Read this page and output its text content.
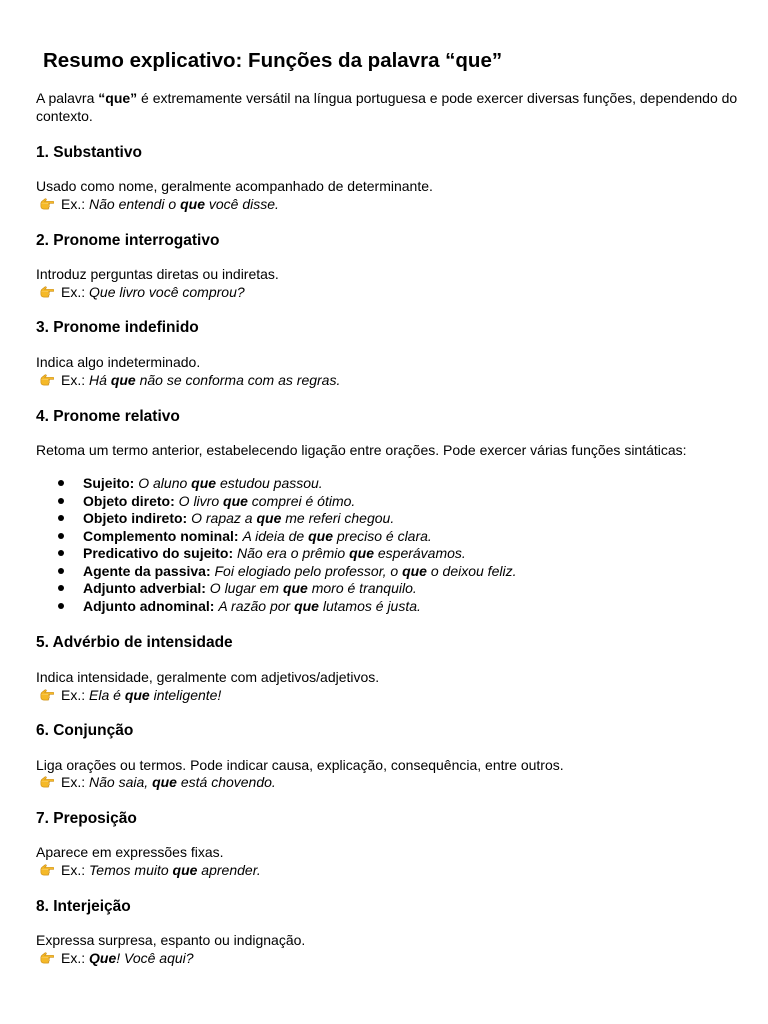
Resumo explicativo: Funções da palavra “que”

A palavra “que” é extremamente versátil na língua portuguesa e pode exercer diversas funções, dependendo do contexto.

1. Substantivo

Usado como nome, geralmente acompanhado de determinante.

Ex.: Não entendi o que você disse.

2. Pronome interrogativo

Introduz perguntas diretas ou indiretas.

Ex.: Que livro você comprou?

3. Pronome indefinido

Indica algo indeterminado.

Ex.: Há que não se conforma com as regras.

4. Pronome relativo

Retoma um termo anterior, estabelecendo ligação entre orações. Pode exercer várias funções sintáticas:

Sujeito: O aluno que estudou passou.
Objeto direto: O livro que comprei é ótimo.
Objeto indireto: O rapaz a que me referi chegou.
Complemento nominal: A ideia de que preciso é clara.
Predicativo do sujeito: Não era o prêmio que esperávamos.
Agente da passiva: Foi elogiado pelo professor, o que o deixou feliz.
Adjunto adverbial: O lugar em que moro é tranquilo.
Adjunto adnominal: A razão por que lutamos é justa.
5. Advérbio de intensidade

Indica intensidade, geralmente com adjetivos/adjetivos.

Ex.: Ela é que inteligente!

6. Conjunção

Liga orações ou termos. Pode indicar causa, explicação, consequência, entre outros.

Ex.: Não saia, que está chovendo.

7. Preposição

Aparece em expressões fixas.

Ex.: Temos muito que aprender.

8. Interjeição

Expressa surpresa, espanto ou indignação.

Ex.: Que! Você aqui?
